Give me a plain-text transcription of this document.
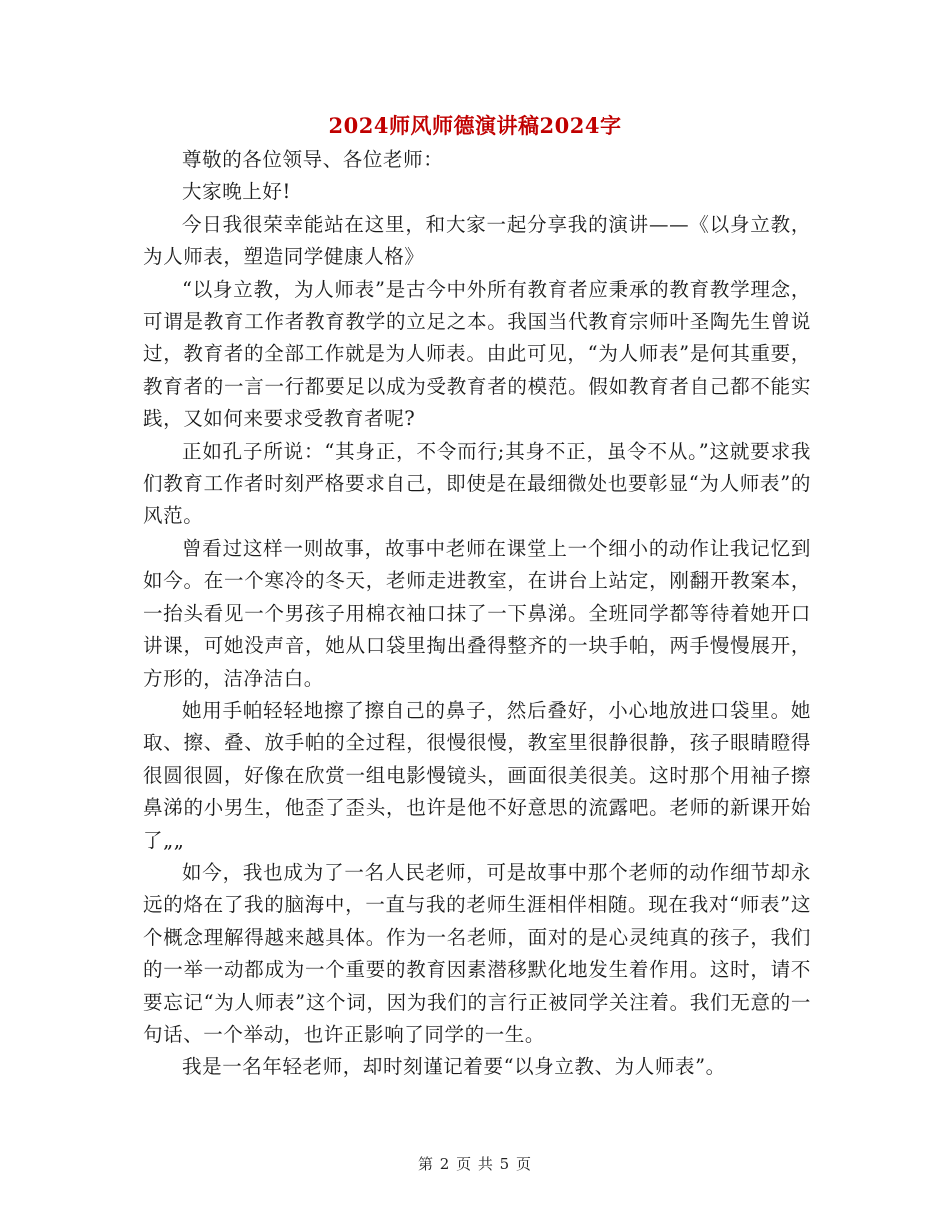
2024师风师德演讲稿2024字

尊敬的各位领导、各位老师：

大家晚上好!

今日我很荣幸能站在这里，和大家一起分享我的演讲——《以身立教，为人师表，塑造同学健康人格》

“以身立教，为人师表”是古今中外所有教育者应秉承的教育教学理念，可谓是教育工作者教育教学的立足之本。我国当代教育宗师叶圣陶先生曾说过，教育者的全部工作就是为人师表。由此可见，“为人师表”是何其重要，教育者的一言一行都要足以成为受教育者的模范。假如教育者自己都不能实践，又如何来要求受教育者呢?

正如孔子所说：“其身正，不令而行;其身不正，虽令不从。”这就要求我们教育工作者时刻严格要求自己，即使是在最细微处也要彰显“为人师表”的风范。

曾看过这样一则故事，故事中老师在课堂上一个细小的动作让我记忆到如今。在一个寒冷的冬天，老师走进教室，在讲台上站定，刚翻开教案本，一抬头看见一个男孩子用棉衣袖口抹了一下鼻涕。全班同学都等待着她开口讲课，可她没声音，她从口袋里掏出叠得整齐的一块手帕，两手慢慢展开，方形的，洁净洁白。

她用手帕轻轻地擦了擦自己的鼻子，然后叠好，小心地放进口袋里。她取、擦、叠、放手帕的全过程，很慢很慢，教室里很静很静，孩子眼睛瞪得很圆很圆，好像在欣赏一组电影慢镜头，画面很美很美。这时那个用袖子擦鼻涕的小男生，他歪了歪头，也许是他不好意思的流露吧。老师的新课开始了„„

如今，我也成为了一名人民老师，可是故事中那个老师的动作细节却永远的烙在了我的脑海中，一直与我的老师生涯相伴相随。现在我对“师表”这个概念理解得越来越具体。作为一名老师，面对的是心灵纯真的孩子，我们的一举一动都成为一个重要的教育因素潜移默化地发生着作用。这时，请不要忘记“为人师表”这个词，因为我们的言行正被同学关注着。我们无意的一句话、一个举动，也许正影响了同学的一生。

我是一名年轻老师，却时刻谨记着要“以身立教、为人师表”。

第 2 页 共 5 页
